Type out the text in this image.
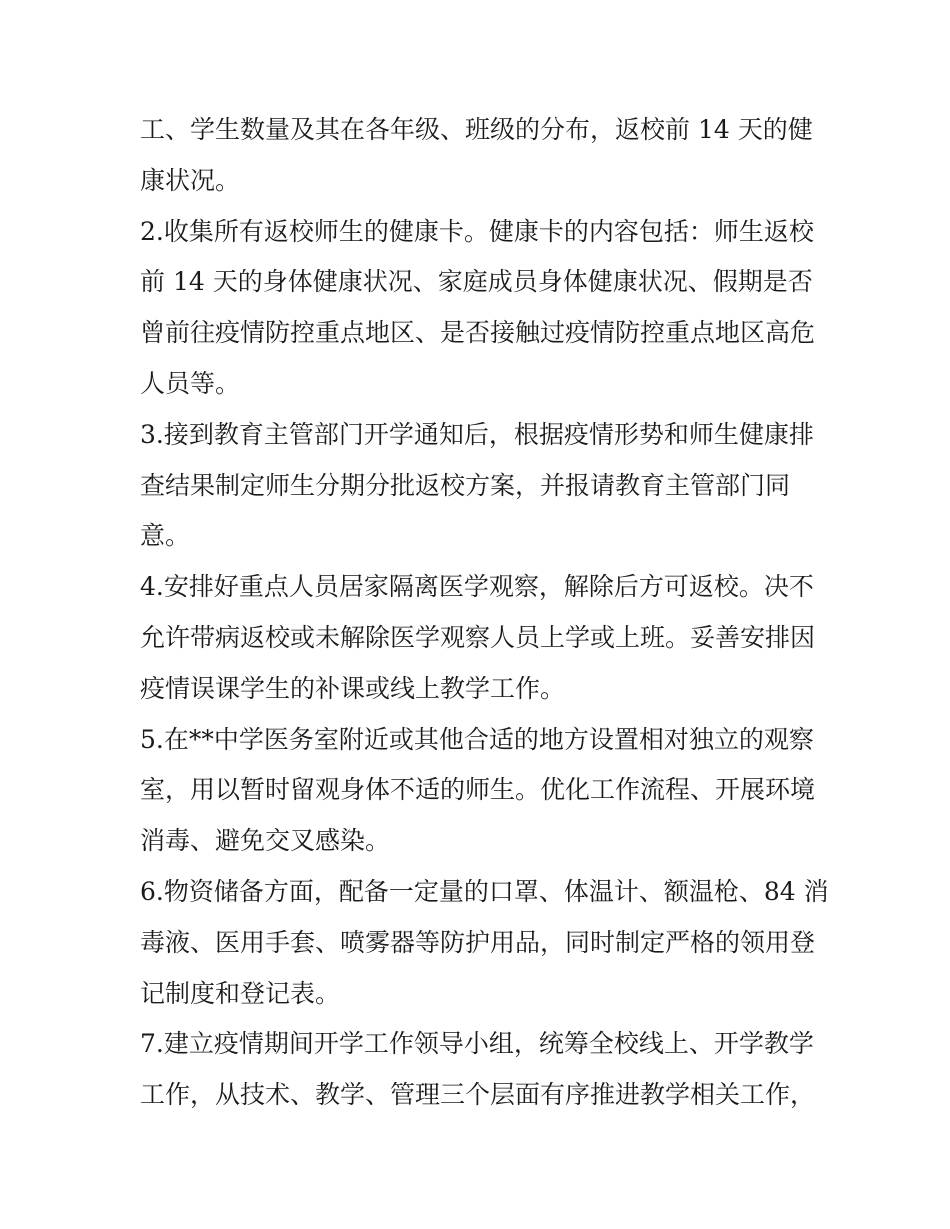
工、学生数量及其在各年级、班级的分布，返校前 14 天的健
康状况。
2.收集所有返校师生的健康卡。健康卡的内容包括：师生返校
前 14 天的身体健康状况、家庭成员身体健康状况、假期是否
曾前往疫情防控重点地区、是否接触过疫情防控重点地区高危
人员等。
3.接到教育主管部门开学通知后，根据疫情形势和师生健康排
查结果制定师生分期分批返校方案，并报请教育主管部门同
意。
4.安排好重点人员居家隔离医学观察，解除后方可返校。决不
允许带病返校或未解除医学观察人员上学或上班。妥善安排因
疫情误课学生的补课或线上教学工作。
5.在**中学医务室附近或其他合适的地方设置相对独立的观察
室，用以暂时留观身体不适的师生。优化工作流程、开展环境
消毒、避免交叉感染。
6.物资储备方面，配备一定量的口罩、体温计、额温枪、84 消
毒液、医用手套、喷雾器等防护用品，同时制定严格的领用登
记制度和登记表。
7.建立疫情期间开学工作领导小组，统筹全校线上、开学教学
工作，从技术、教学、管理三个层面有序推进教学相关工作，
